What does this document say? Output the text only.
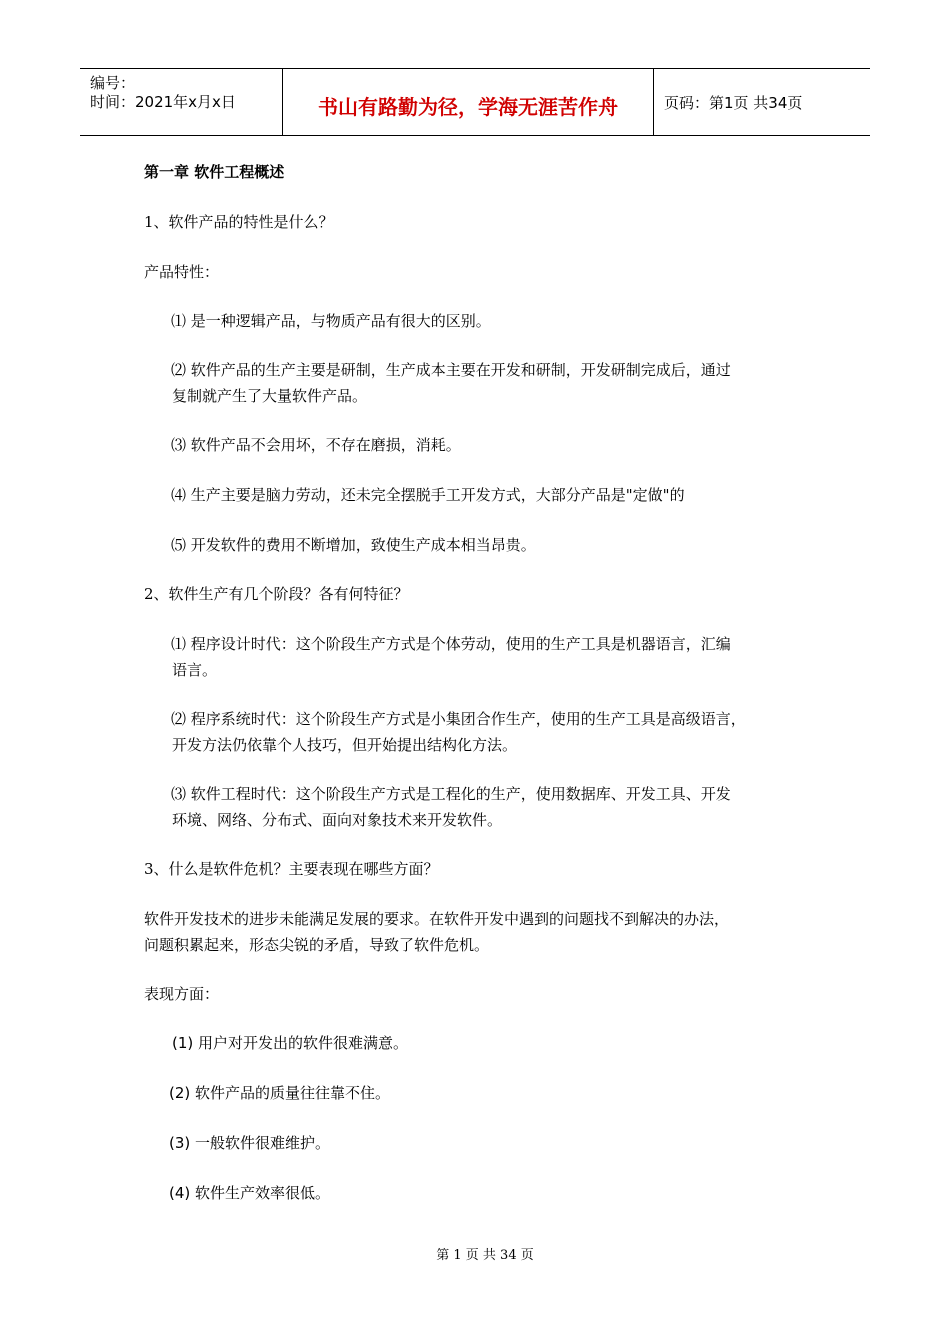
编号：
时间：2021年x月x日	书山有路勤为径，学海无涯苦作舟	页码：第1页 共34页
第一章 软件工程概述
1、软件产品的特性是什么？
产品特性：
⑴ 是一种逻辑产品，与物质产品有很大的区别。
⑵ 软件产品的生产主要是研制，生产成本主要在开发和研制，开发研制完成后，通过
复制就产生了大量软件产品。
⑶ 软件产品不会用坏，不存在磨损，消耗。
⑷ 生产主要是脑力劳动，还未完全摆脱手工开发方式，大部分产品是"定做"的
⑸ 开发软件的费用不断增加，致使生产成本相当昂贵。
2、软件生产有几个阶段？各有何特征？
⑴ 程序设计时代：这个阶段生产方式是个体劳动，使用的生产工具是机器语言，汇编
语言。
⑵ 程序系统时代：这个阶段生产方式是小集团合作生产，使用的生产工具是高级语言，
开发方法仍依靠个人技巧，但开始提出结构化方法。
⑶ 软件工程时代：这个阶段生产方式是工程化的生产，使用数据库、开发工具、开发
环境、网络、分布式、面向对象技术来开发软件。
3、什么是软件危机？主要表现在哪些方面？
软件开发技术的进步未能满足发展的要求。在软件开发中遇到的问题找不到解决的办法，
问题积累起来，形态尖锐的矛盾，导致了软件危机。
表现方面：
(1) 用户对开发出的软件很难满意。
(2) 软件产品的质量往往靠不住。
(3) 一般软件很难维护。
(4) 软件生产效率很低。
第 1 页 共 34 页
